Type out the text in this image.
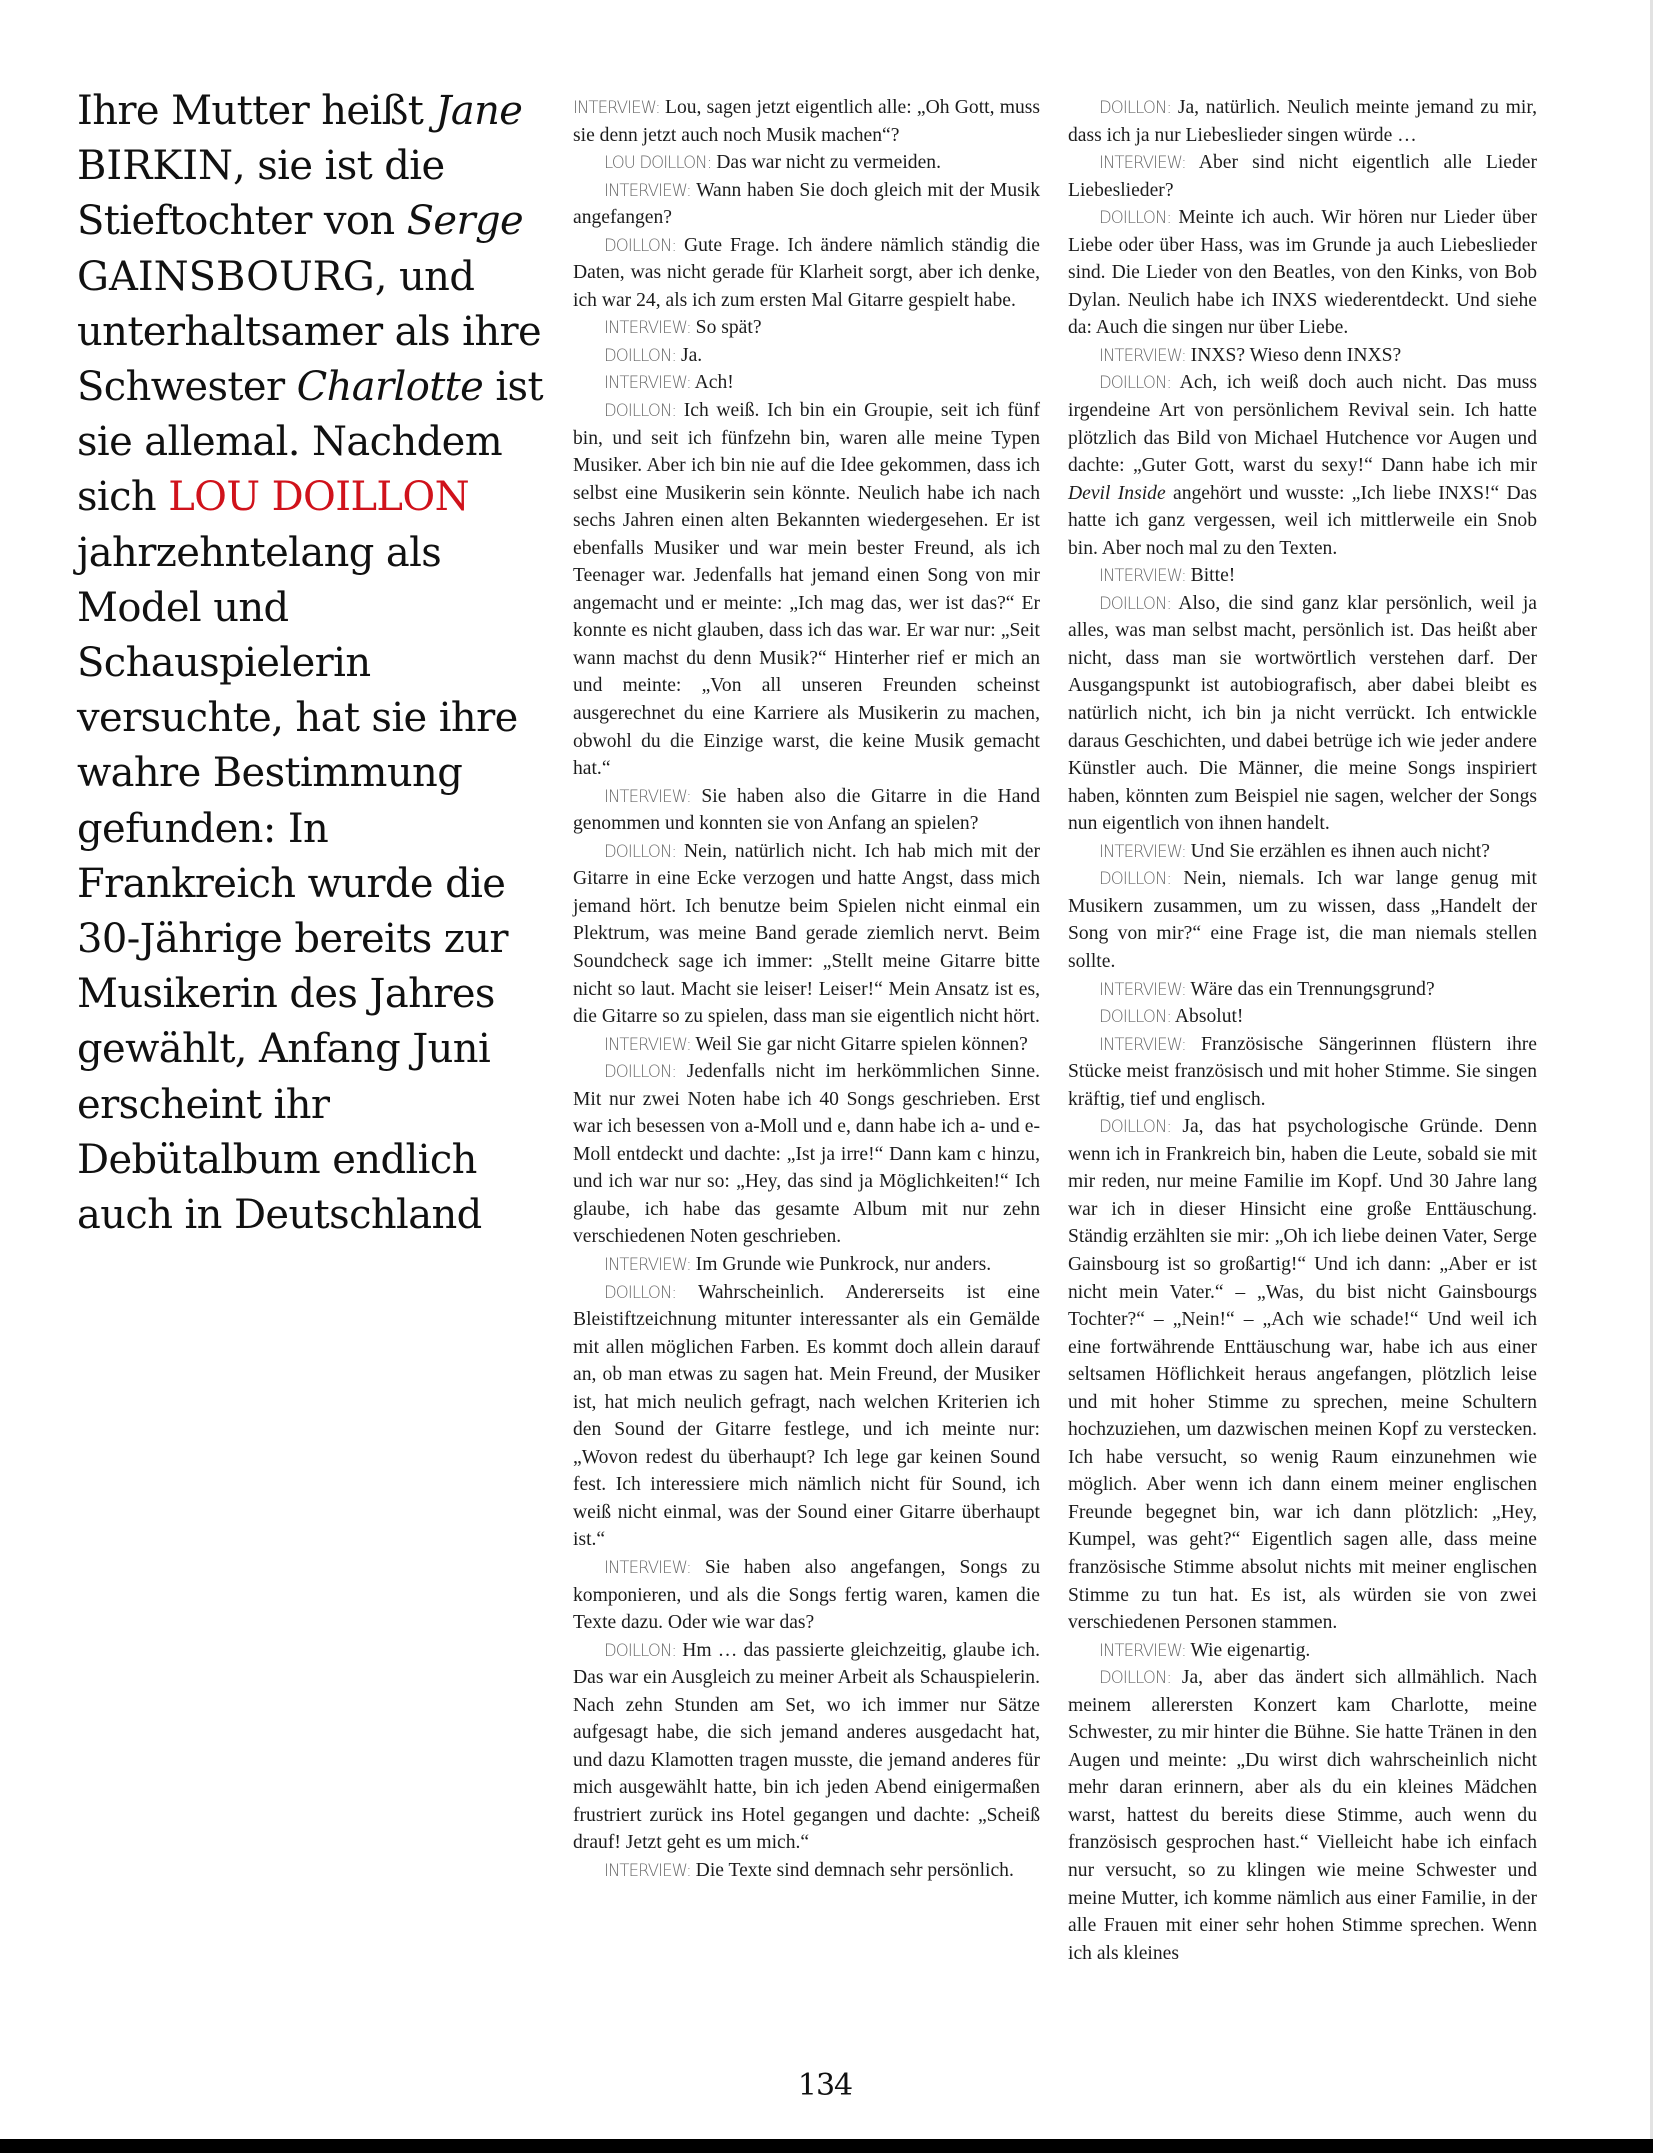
Ihre Mutter heißt Jane BIRKIN, sie ist die Stieftochter von Serge GAINSBOURG, und unterhaltsamer als ihre Schwester Charlotte ist sie allemal. Nachdem sich LOU DOILLON jahrzehntelang als Model und Schauspielerin versuchte, hat sie ihre wahre Bestimmung gefunden: In Frankreich wurde die 30-Jährige bereits zur Musikerin des Jahres gewählt, Anfang Juni erscheint ihr Debütalbum endlich auch in Deutschland

INTERVIEW: Lou, sagen jetzt eigentlich alle: „Oh Gott, muss sie denn jetzt auch noch Musik machen“?

LOU DOILLON: Das war nicht zu vermeiden.

INTERVIEW: Wann haben Sie doch gleich mit der Musik angefangen?

DOILLON: Gute Frage. Ich ändere nämlich ständig die Daten, was nicht gerade für Klarheit sorgt, aber ich denke, ich war 24, als ich zum ersten Mal Gitarre gespielt habe.

INTERVIEW: So spät?

DOILLON: Ja.

INTERVIEW: Ach!

DOILLON: Ich weiß. Ich bin ein Groupie, seit ich fünf bin, und seit ich fünfzehn bin, waren alle meine Typen Musiker. Aber ich bin nie auf die Idee gekommen, dass ich selbst eine Musikerin sein könnte. Neulich habe ich nach sechs Jahren einen alten Bekannten wiedergesehen. Er ist ebenfalls Musiker und war mein bester Freund, als ich Teenager war. Jedenfalls hat jemand einen Song von mir angemacht und er meinte: „Ich mag das, wer ist das?“ Er konnte es nicht glauben, dass ich das war. Er war nur: „Seit wann machst du denn Musik?“ Hinterher rief er mich an und meinte: „Von all unseren Freunden scheinst ausgerechnet du eine Karriere als Musikerin zu machen, obwohl du die Einzige warst, die keine Musik gemacht hat.“

INTERVIEW: Sie haben also die Gitarre in die Hand genommen und konnten sie von Anfang an spielen?

DOILLON: Nein, natürlich nicht. Ich hab mich mit der Gitarre in eine Ecke verzogen und hatte Angst, dass mich jemand hört. Ich benutze beim Spielen nicht einmal ein Plektrum, was meine Band gerade ziemlich nervt. Beim Soundcheck sage ich immer: „Stellt meine Gitarre bitte nicht so laut. Macht sie leiser! Leiser!“ Mein Ansatz ist es, die Gitarre so zu spielen, dass man sie eigentlich nicht hört.

INTERVIEW: Weil Sie gar nicht Gitarre spielen können?

DOILLON: Jedenfalls nicht im herkömmlichen Sinne. Mit nur zwei Noten habe ich 40 Songs geschrieben. Erst war ich besessen von a-Moll und e, dann habe ich a- und e-Moll entdeckt und dachte: „Ist ja irre!“ Dann kam c hinzu, und ich war nur so: „Hey, das sind ja Möglichkeiten!“ Ich glaube, ich habe das gesamte Album mit nur zehn verschiedenen Noten geschrieben.

INTERVIEW: Im Grunde wie Punkrock, nur anders.

DOILLON: Wahrscheinlich. Andererseits ist eine Bleistiftzeichnung mitunter interessanter als ein Gemälde mit allen möglichen Farben. Es kommt doch allein darauf an, ob man etwas zu sagen hat. Mein Freund, der Musiker ist, hat mich neulich gefragt, nach welchen Kriterien ich den Sound der Gitarre festlege, und ich meinte nur: „Wovon redest du überhaupt? Ich lege gar keinen Sound fest. Ich interessiere mich nämlich nicht für Sound, ich weiß nicht einmal, was der Sound einer Gitarre überhaupt ist.“

INTERVIEW: Sie haben also angefangen, Songs zu komponieren, und als die Songs fertig waren, kamen die Texte dazu. Oder wie war das?

DOILLON: Hm … das passierte gleichzeitig, glaube ich. Das war ein Ausgleich zu meiner Arbeit als Schauspielerin. Nach zehn Stunden am Set, wo ich immer nur Sätze aufgesagt habe, die sich jemand anderes ausgedacht hat, und dazu Klamotten tragen musste, die jemand anderes für mich ausgewählt hatte, bin ich jeden Abend einigermaßen frustriert zurück ins Hotel gegangen und dachte: „Scheiß drauf! Jetzt geht es um mich.“

INTERVIEW: Die Texte sind demnach sehr persönlich.

DOILLON: Ja, natürlich. Neulich meinte jemand zu mir, dass ich ja nur Liebeslieder singen würde …

INTERVIEW: Aber sind nicht eigentlich alle Lieder Liebeslieder?

DOILLON: Meinte ich auch. Wir hören nur Lieder über Liebe oder über Hass, was im Grunde ja auch Liebeslieder sind. Die Lieder von den Beatles, von den Kinks, von Bob Dylan. Neulich habe ich INXS wiederentdeckt. Und siehe da: Auch die singen nur über Liebe.

INTERVIEW: INXS? Wieso denn INXS?

DOILLON: Ach, ich weiß doch auch nicht. Das muss irgendeine Art von persönlichem Revival sein. Ich hatte plötzlich das Bild von Michael Hutchence vor Augen und dachte: „Guter Gott, warst du sexy!“ Dann habe ich mir Devil Inside angehört und wusste: „Ich liebe INXS!“ Das hatte ich ganz vergessen, weil ich mittlerweile ein Snob bin. Aber noch mal zu den Texten.

INTERVIEW: Bitte!

DOILLON: Also, die sind ganz klar persönlich, weil ja alles, was man selbst macht, persönlich ist. Das heißt aber nicht, dass man sie wortwörtlich verstehen darf. Der Ausgangspunkt ist autobiografisch, aber dabei bleibt es natürlich nicht, ich bin ja nicht verrückt. Ich entwickle daraus Geschichten, und dabei betrüge ich wie jeder andere Künstler auch. Die Männer, die meine Songs inspiriert haben, könnten zum Beispiel nie sagen, welcher der Songs nun eigentlich von ihnen handelt.

INTERVIEW: Und Sie erzählen es ihnen auch nicht?

DOILLON: Nein, niemals. Ich war lange genug mit Musikern zusammen, um zu wissen, dass „Handelt der Song von mir?“ eine Frage ist, die man niemals stellen sollte.

INTERVIEW: Wäre das ein Trennungsgrund?

DOILLON: Absolut!

INTERVIEW: Französische Sängerinnen flüstern ihre Stücke meist französisch und mit hoher Stimme. Sie singen kräftig, tief und englisch.

DOILLON: Ja, das hat psychologische Gründe. Denn wenn ich in Frankreich bin, haben die Leute, sobald sie mit mir reden, nur meine Familie im Kopf. Und 30 Jahre lang war ich in dieser Hinsicht eine große Enttäuschung. Ständig erzählten sie mir: „Oh ich liebe deinen Vater, Serge Gainsbourg ist so großartig!“ Und ich dann: „Aber er ist nicht mein Vater.“ – „Was, du bist nicht Gainsbourgs Tochter?“ – „Nein!“ – „Ach wie schade!“ Und weil ich eine fortwährende Enttäuschung war, habe ich aus einer seltsamen Höflichkeit heraus angefangen, plötzlich leise und mit hoher Stimme zu sprechen, meine Schultern hochzuziehen, um dazwischen meinen Kopf zu verstecken. Ich habe versucht, so wenig Raum einzunehmen wie möglich. Aber wenn ich dann einem meiner englischen Freunde begegnet bin, war ich dann plötzlich: „Hey, Kumpel, was geht?“ Eigentlich sagen alle, dass meine französische Stimme absolut nichts mit meiner englischen Stimme zu tun hat. Es ist, als würden sie von zwei verschiedenen Personen stammen.

INTERVIEW: Wie eigenartig.

DOILLON: Ja, aber das ändert sich allmählich. Nach meinem allerersten Konzert kam Charlotte, meine Schwester, zu mir hinter die Bühne. Sie hatte Tränen in den Augen und meinte: „Du wirst dich wahrscheinlich nicht mehr daran erinnern, aber als du ein kleines Mädchen warst, hattest du bereits diese Stimme, auch wenn du französisch gesprochen hast.“ Vielleicht habe ich einfach nur versucht, so zu klingen wie meine Schwester und meine Mutter, ich komme nämlich aus einer Familie, in der alle Frauen mit einer sehr hohen Stimme sprechen. Wenn ich als kleines

134
